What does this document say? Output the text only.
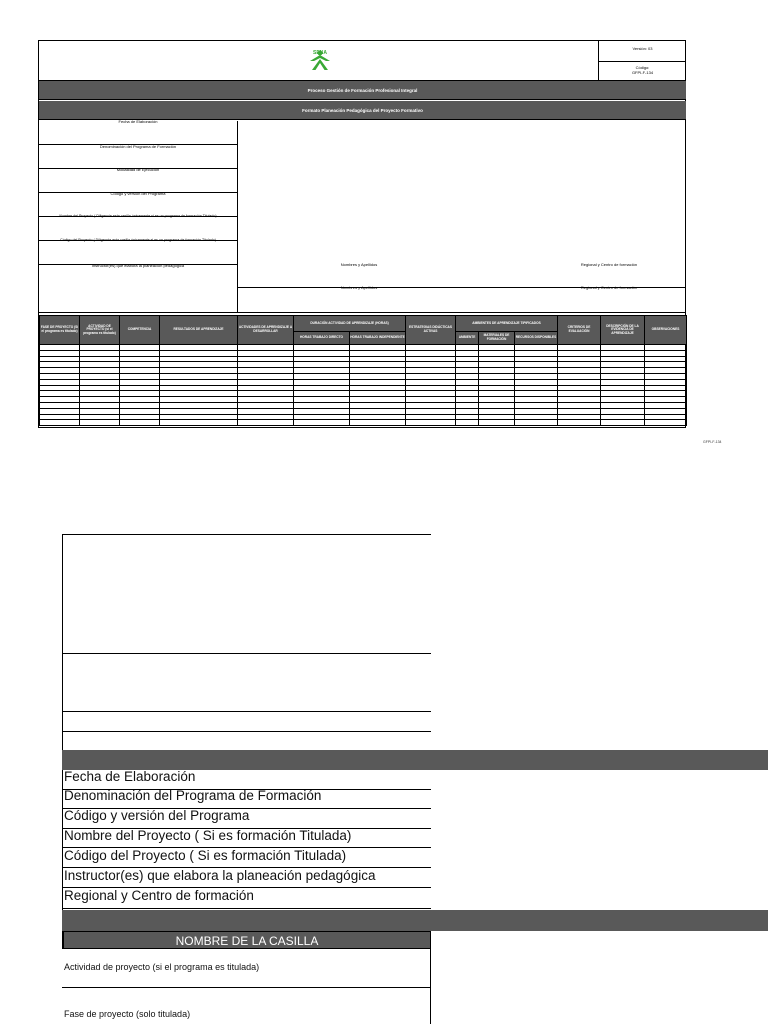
SENA
Versión: 03
Código:
GFPI-F-134
Proceso Gestión de Formación Profesional Integral
Formato Planeación Pedagógica del Proyecto Formativo
Fecha de Elaboración
Denominación del Programa de Formación
Modalidad de Ejecución
Código y versión del Programa
Nombre del Proyecto ( Diligencie esta casilla únicamente si es un programa de formación Titulado)
Código del Proyecto ( Diligencie esta casilla únicamente si es un programa de formación Titulado)
Instructor(es) que elabora la planeación pedagógica	Nombres y Apellidos	Regional y Centro de formación
Nombres y Apellidos	Regional y Centro de formación
FASE DE PROYECTO (Si el programa es titulado)	ACTIVIDAD DE PROYECTO (si el programa es titulado)	COMPETENCIA	RESULTADOS DE APRENDIZAJE	ACTIVIDADES DE APRENDIZAJE A DESARROLLAR	DURACIÓN ACTIVIDAD DE APRENDIZAJE (HORAS)		ESTRATEGIAS DIDÁCTICAS ACTIVAS	AMBIENTES DE APRENDIZAJE TIPIFICADOS			CRITERIOS DE EVALUACIÓN	DESCRIPCIÓN DE LA EVIDENCIA DE APRENDIZAJE	OBSERVACIONES
					HORAS TRABAJO DIRECTO	HORAS TRABAJO INDEPENDIENTE		AMBIENTE	MATERIALES DE FORMACIÓN	RECURSOS DISPONIBLES			

GFPI-F-134
Fecha de Elaboración
Denominación del Programa de Formación
Código y versión del Programa
Nombre del Proyecto ( Si es formación Titulada)
Código del Proyecto ( Si es formación Titulada)
Instructor(es) que elabora la planeación pedagógica
Regional y Centro de formación
NOMBRE DE LA CASILLA
Actividad de proyecto (si el programa es titulada)
Fase de proyecto (solo titulada)
